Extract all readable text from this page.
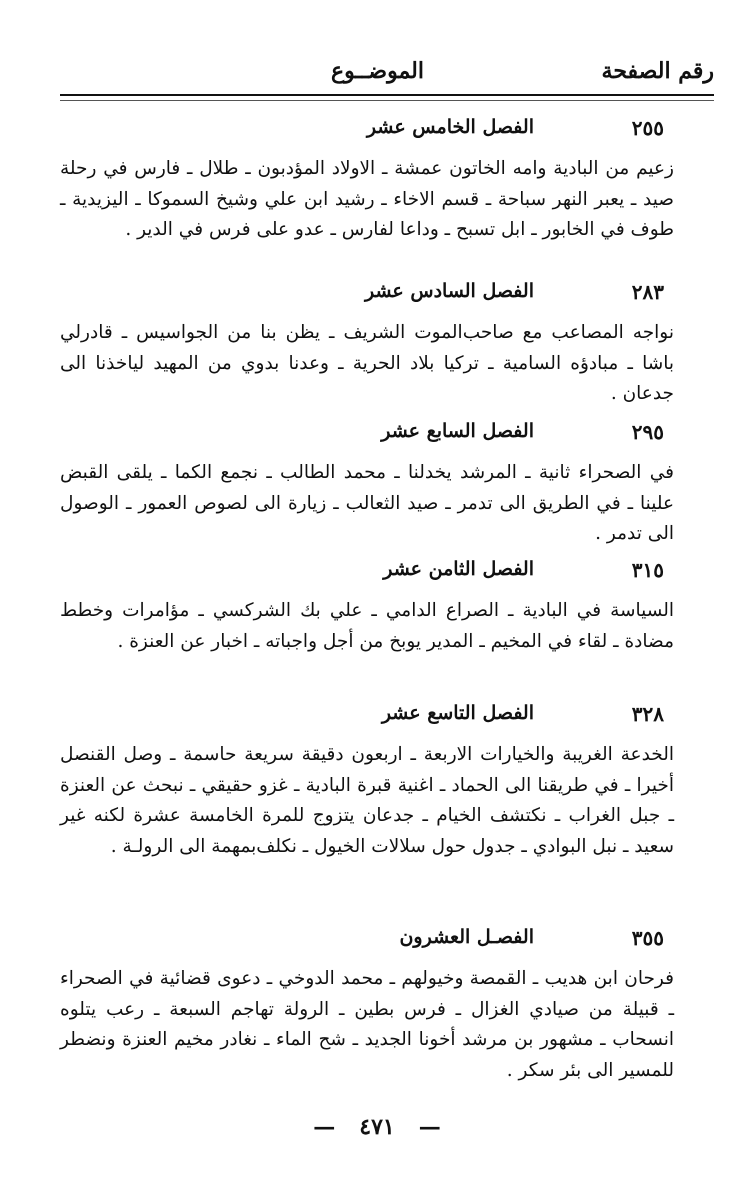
رقم الصفحة
الموضــوع
٢٥٥
الفصل الخامس عشر
زعيم من البادية وامه الخاتون عمشة ـ الاولاد المؤدبون ـ طلال ـ فارس في رحلة صيد ـ يعبر النهر سباحة ـ قسم الاخاء ـ رشيد ابن علي وشيخ السموكا ـ اليزيدية ـ طوف في الخابور ـ ابل تسبح ـ وداعا لفارس ـ عدو على فرس في الدير .
٢٨٣
الفصل السادس عشر
نواجه المصاعب مع صاحب‌الموت الشريف ـ يظن بنا من الجواسيس ـ قادرلي باشا ـ مبادؤه السامية ـ تركيا بلاد الحرية ـ وعدنا بدوي من المهيد لياخذنا الى جدعان .
٢٩٥
الفصل السابع عشر
في الصحراء ثانية ـ المرشد يخدلنا ـ محمد الطالب ـ نجمع الكما ـ يلقى القبض علينا ـ في الطريق الى تدمر ـ صيد الثعالب ـ زيارة الى لصوص العمور ـ الوصول الى تدمر .
٣١٥
الفصل الثامن عشر
السياسة في البادية ـ الصراع الدامي ـ علي بك الشركسي ـ مؤامرات وخطط مضادة ـ لقاء في المخيم ـ المدير يوبخ من أجل واجباته ـ اخبار عن العنزة .
٣٢٨
الفصل التاسع عشر
الخدعة الغريبة والخيارات الاربعة ـ اربعون دقيقة سريعة حاسمة ـ وصل القنصل أخيرا ـ في طريقنا الى الحماد ـ اغنية قبرة البادية ـ غزو حقيقي ـ نبحث عن العنزة ـ جبل الغراب ـ نكتشف الخيام ـ جدعان يتزوج للمرة الخامسة عشرة لكنه غير سعيد ـ نبل البوادي ـ جدول حول سلالات الخيول ـ نكلف‌بمهمة الى الرولـة .
٣٥٥
الفصـل العشرون
فرحان ابن هديب ـ القمصة وخيولهم ـ محمد الدوخي ـ دعوى قضائية في الصحراء ـ قبيلة من صيادي الغزال ـ فرس بطين ـ الرولة تهاجم السبعة ـ رعب يتلوه انسحاب ـ مشهور بن مرشد أخونا الجديد ـ شح الماء ـ نغادر مخيم العنزة ونضطر للمسير الى بئر سكر .
—٤٧١—
